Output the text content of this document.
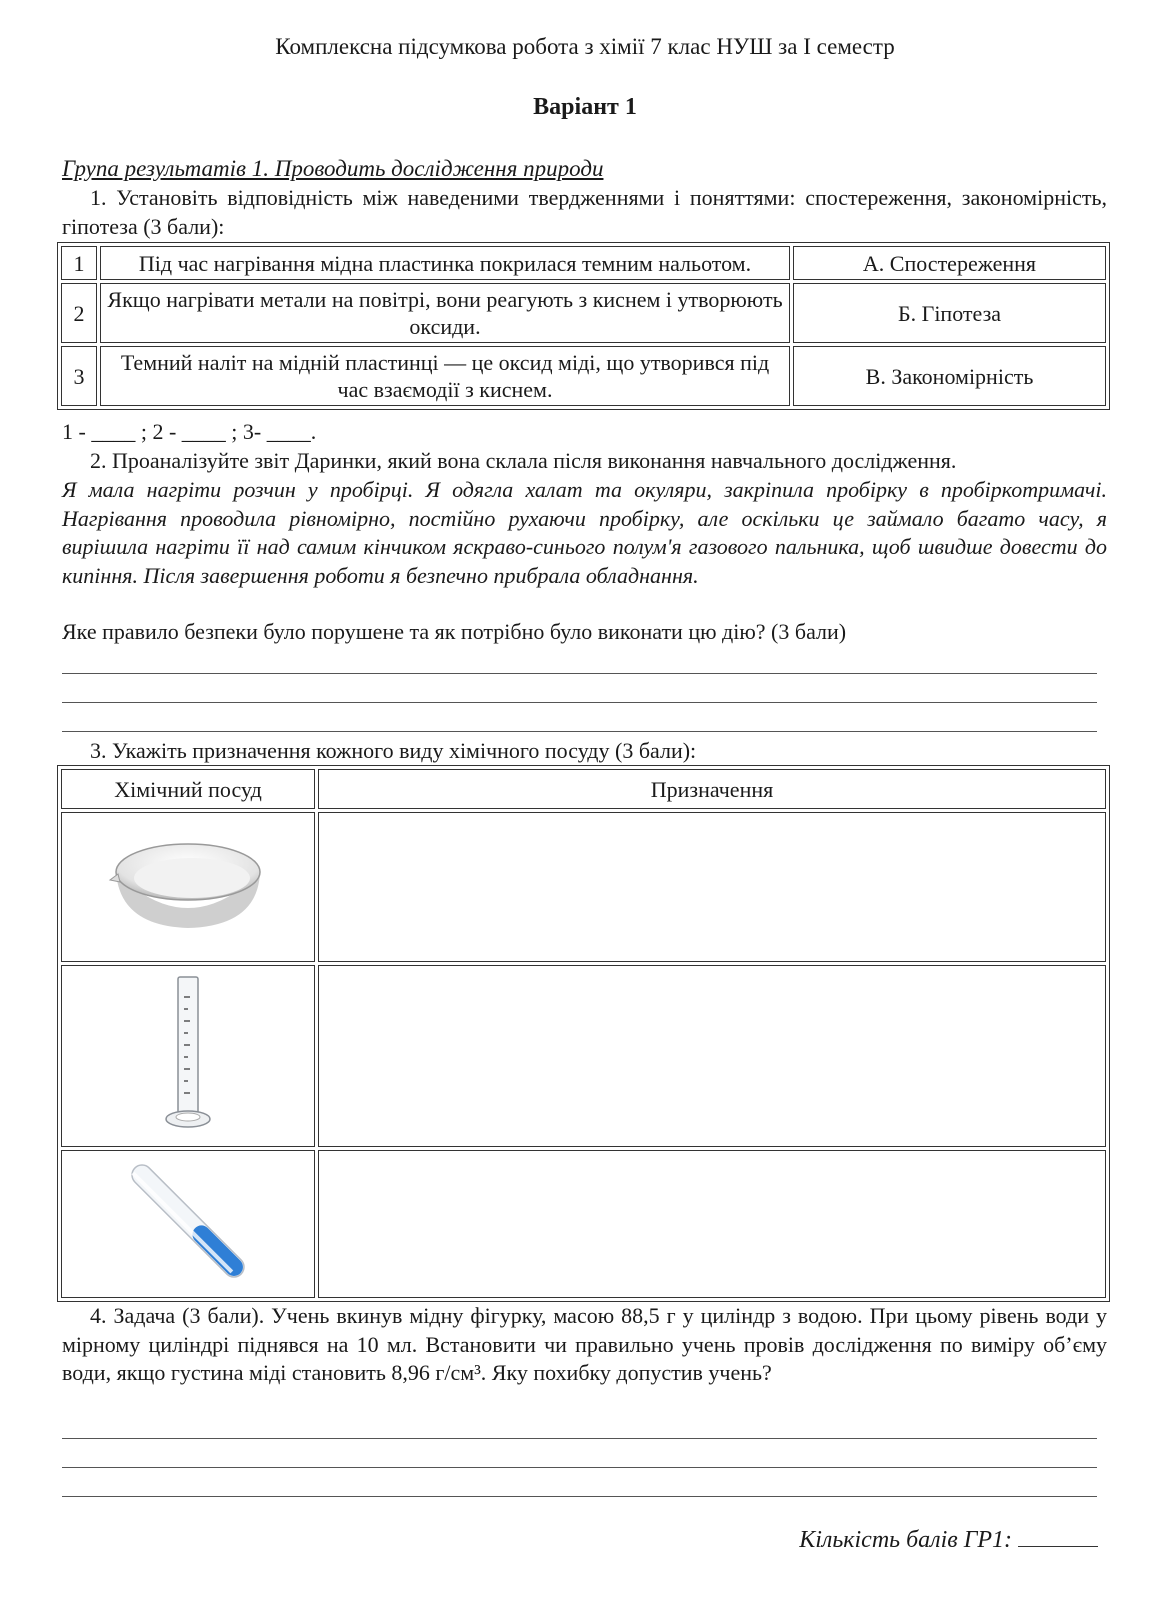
Комплексна підсумкова робота з хімії 7 клас НУШ за І семестр
Варіант 1
Група результатів 1. Проводить дослідження природи
1. Установіть відповідність між наведеними твердженнями і поняттями: спостереження, закономірність, гіпотеза (3 бали):
1	Під час нагрівання мідна пластинка покрилася темним нальотом.	А. Спостереження
2	Якщо нагрівати метали на повітрі, вони реагують з киснем і утворюють оксиди.	Б. Гіпотеза
3	Темний наліт на мідній пластинці — це оксид міді, що утворився під час взаємодії з киснем.	В. Закономірність
1 - ____ ; 2 - ____ ; 3- ____.
2. Проаналізуйте звіт Даринки, який вона склала після виконання навчального дослідження.
Я мала нагріти розчин у пробірці. Я одягла халат та окуляри, закріпила пробірку в пробіркотримачі. Нагрівання проводила рівномірно, постійно рухаючи пробірку, але оскільки це займало багато часу, я вирішила нагріти її над самим кінчиком яскраво-синього полум'я газового пальника, щоб швидше довести до кипіння. Після завершення роботи я безпечно прибрала обладнання.
Яке правило безпеки було порушене та як потрібно було виконати цю дію? (3 бали)
3. Укажіть призначення кожного виду хімічного посуду (3 бали):
Хімічний посуд	Призначення

4. Задача (3 бали). Учень вкинув мідну фігурку, масою 88,5 г у циліндр з водою. При цьому рівень води у мірному циліндрі піднявся на 10 мл. Встановити чи правильно учень провів дослідження по виміру об’єму води, якщо густина міді становить 8,96 г/см³. Яку похибку допустив учень?
Кількість балів ГР1:
